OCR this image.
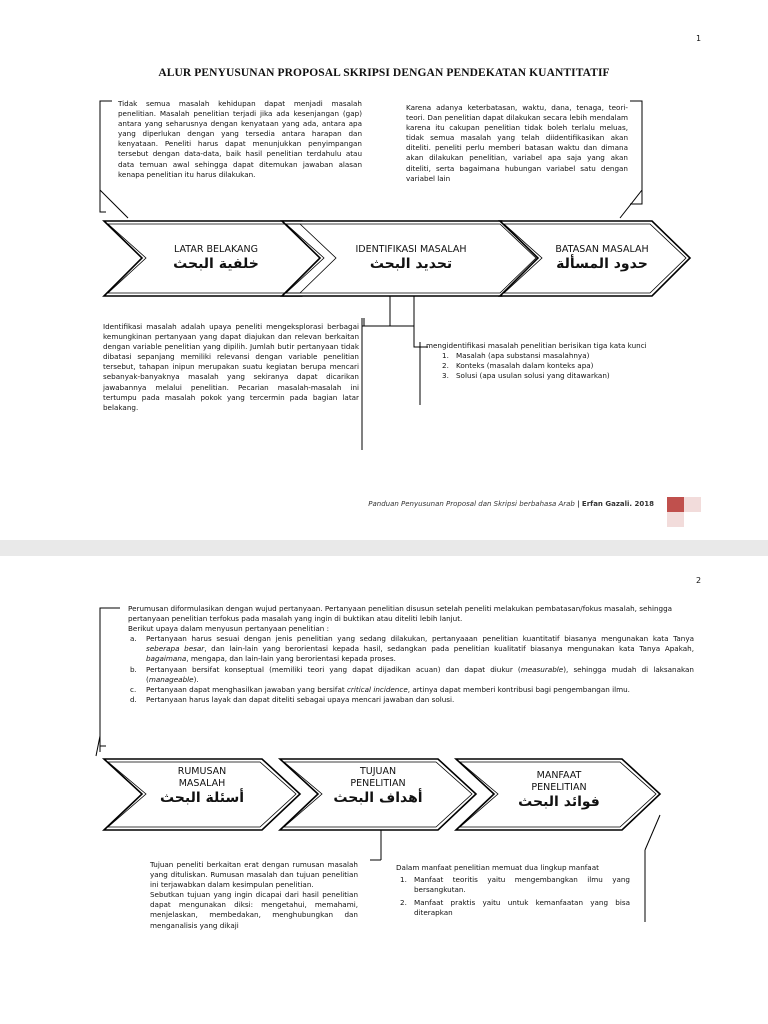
1
ALUR PENYUSUNAN PROPOSAL SKRIPSI DENGAN PENDEKATAN KUANTITATIF
Tidak semua masalah kehidupan dapat menjadi masalah penelitian. Masalah penelitian terjadi jika ada kesenjangan (gap) antara yang seharusnya dengan kenyataan yang ada, antara apa yang diperlukan dengan yang tersedia antara harapan dan kenyataan. Peneliti harus dapat menunjukkan penyimpangan tersebut dengan data-data, baik hasil penelitian terdahulu atau data temuan awal sehingga dapat ditemukan jawaban alasan kenapa penelitian itu harus dilakukan.
Karena adanya keterbatasan, waktu, dana, tenaga, teori-teori. Dan penelitian dapat dilakukan secara lebih mendalam karena itu cakupan penelitian tidak boleh terlalu meluas, tidak semua masalah yang telah diidentifikasikan akan diteliti. peneliti perlu memberi batasan waktu dan dimana akan dilakukan penelitian, variabel apa saja yang akan diteliti, serta bagaimana hubungan variabel satu dengan variabel lain
LATAR BELAKANG
خلفية البحث
IDENTIFIKASI MASALAH
تحديد البحث
BATASAN MASALAH
حدود المسألة
Identifikasi masalah adalah upaya peneliti mengeksplorasi berbagai kemungkinan pertanyaan yang dapat diajukan dan relevan berkaitan dengan variable penelitian yang dipilih. Jumlah butir pertanyaan tidak dibatasi sepanjang memiliki relevansi dengan variable penelitian tersebut, tahapan inipun merupakan suatu kegiatan berupa mencari sebanyak-banyaknya masalah yang sekiranya dapat dicarikan jawabannya melalui penelitian. Pecarian masalah-masalah ini tertumpu pada masalah pokok yang tercermin pada bagian latar belakang.
mengidentifikasi masalah penelitian berisikan tiga kata kunci
1. Masalah (apa substansi masalahnya)
2. Konteks (masalah dalam konteks apa)
3. Solusi (apa usulan solusi yang ditawarkan)
Panduan Penyusunan Proposal dan Skripsi berbahasa Arab | Erfan Gazali. 2018
2

Perumusan diformulasikan dengan wujud pertanyaan. Pertanyaan penelitian disusun setelah peneliti melakukan pembatasan/fokus masalah, sehingga pertanyaan penelitian terfokus pada masalah yang ingin di buktikan atau diteliti lebih lanjut.

Berikut upaya dalam menyusun pertanyaan penelitian :

a. Pertanyaan harus sesuai dengan jenis penelitian yang sedang dilakukan, pertanyaaan penelitian kuantitatif biasanya mengunakan kata Tanya seberapa besar, dan lain-lain yang berorientasi kepada hasil, sedangkan pada penelitian kualitatif biasanya mengunakan kata Tanya Apakah, bagaimana, mengapa, dan lain-lain yang berorientasi kepada proses.
b. Pertanyaan bersifat konseptual (memiliki teori yang dapat dijadikan acuan) dan dapat diukur (measurable), sehingga mudah di laksanakan (manageable).
c. Pertanyaan dapat menghasilkan jawaban yang bersifat critical incidence, artinya dapat memberi kontribusi bagi pengembangan ilmu.
d. Pertanyaan harus layak dan dapat diteliti sebagai upaya mencari jawaban dan solusi.
RUMUSAN
MASALAH
أسئلة البحث
TUJUAN
PENELITIAN
أهداف البحث
MANFAAT
PENELITIAN
فوائد البحث

Tujuan peneliti berkaitan erat dengan rumusan masalah yang dituliskan. Rumusan masalah dan tujuan penelitian ini terjawabkan dalam kesimpulan penelitian.

Sebutkan tujuan yang ingin dicapai dari hasil penelitian dapat mengunakan diksi: mengetahui, memahami, menjelaskan, membedakan, menghubungkan dan menganalisis yang dikaji

Dalam manfaat penelitian memuat dua lingkup manfaat
1. Manfaat teoritis yaitu mengembangkan ilmu yang bersangkutan.
2. Manfaat praktis yaitu untuk kemanfaatan yang bisa diterapkan
